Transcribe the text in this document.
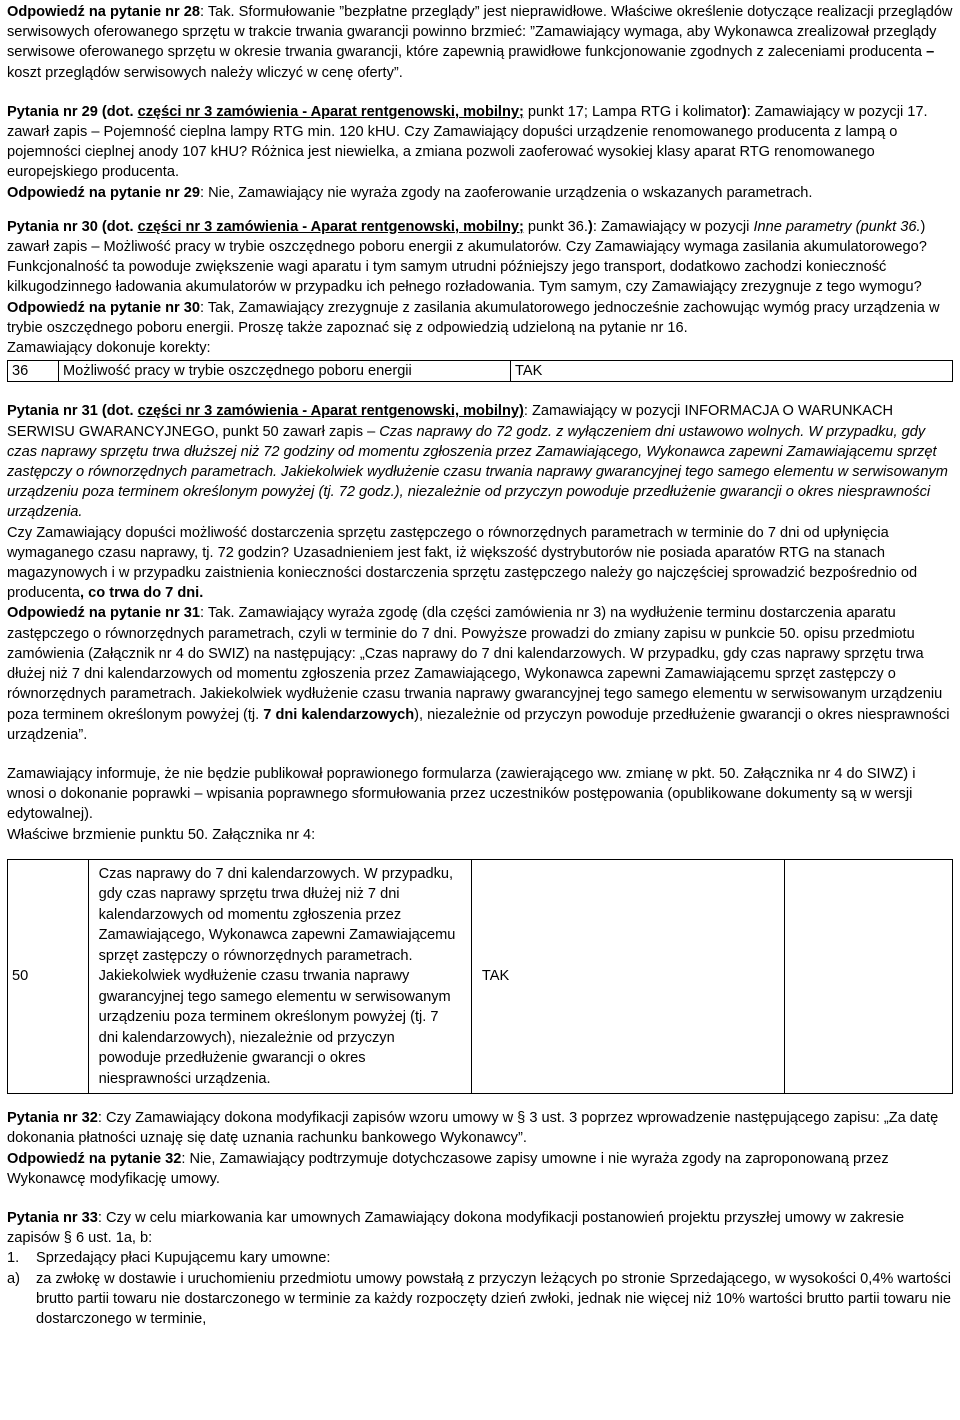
Odpowiedź na pytanie nr 28: Tak. Sformułowanie ”bezpłatne przeglądy” jest nieprawidłowe. Właściwe określenie dotyczące realizacji przeglądów serwisowych oferowanego sprzętu w trakcie trwania gwarancji powinno brzmieć: ”Zamawiający wymaga, aby Wykonawca zrealizował przeglądy serwisowe oferowanego sprzętu w okresie trwania gwarancji, które zapewnią prawidłowe funkcjonowanie zgodnych z zaleceniami producenta – koszt przeglądów serwisowych należy wliczyć w cenę oferty”.

Pytania nr 29 (dot. części nr 3 zamówienia - Aparat rentgenowski, mobilny; punkt 17; Lampa RTG i kolimator): Zamawiający w pozycji 17. zawarł zapis – Pojemność cieplna lampy RTG min. 120 kHU. Czy Zamawiający dopuści urządzenie renomowanego producenta z lampą o pojemności cieplnej anody 107 kHU? Różnica jest niewielka, a zmiana pozwoli zaoferować wysokiej klasy aparat RTG renomowanego europejskiego producenta.

Odpowiedź na pytanie nr 29: Nie, Zamawiający nie wyraża zgody na zaoferowanie urządzenia o wskazanych parametrach.

Pytania nr 30 (dot. części nr 3 zamówienia - Aparat rentgenowski, mobilny; punkt 36.): Zamawiający w pozycji Inne parametry (punkt 36.) zawarł zapis – Możliwość pracy w trybie oszczędnego poboru energii z akumulatorów. Czy Zamawiający wymaga zasilania akumulatorowego? Funkcjonalność ta powoduje zwiększenie wagi aparatu i tym samym utrudni późniejszy jego transport, dodatkowo zachodzi konieczność kilkugodzinnego ładowania akumulatorów w przypadku ich pełnego rozładowania. Tym samym, czy Zamawiający zrezygnuje z tego wymogu?

Odpowiedź na pytanie nr 30: Tak, Zamawiający zrezygnuje z zasilania akumulatorowego jednocześnie zachowując wymóg pracy urządzenia w trybie oszczędnego poboru energii. Proszę także zapoznać się z odpowiedzią udzieloną na pytanie nr 16.

Zamawiający dokonuje korekty:

36	Możliwość pracy w trybie oszczędnego poboru energii	TAK

Pytania nr 31 (dot. części nr 3 zamówienia - Aparat rentgenowski, mobilny): Zamawiający w pozycji INFORMACJA O WARUNKACH SERWISU GWARANCYJNEGO, punkt 50 zawarł zapis – Czas naprawy do 72 godz. z wyłączeniem dni ustawowo wolnych. W przypadku, gdy czas naprawy sprzętu trwa dłuższej niż 72 godziny od momentu zgłoszenia przez Zamawiającego, Wykonawca zapewni Zamawiającemu sprzęt zastępczy o równorzędnych parametrach. Jakiekolwiek wydłużenie czasu trwania naprawy gwarancyjnej tego samego elementu w serwisowanym urządzeniu poza terminem określonym powyżej (tj. 72 godz.), niezależnie od przyczyn powoduje przedłużenie gwarancji o okres niesprawności urządzenia.

Czy Zamawiający dopuści możliwość dostarczenia sprzętu zastępczego o równorzędnych parametrach w terminie do 7 dni od upłynięcia wymaganego czasu naprawy, tj. 72 godzin? Uzasadnieniem jest fakt, iż większość dystrybutorów nie posiada aparatów RTG na stanach magazynowych i w przypadku zaistnienia konieczności dostarczenia sprzętu zastępczego należy go najczęściej sprowadzić bezpośrednio od producenta, co trwa do 7 dni.

Odpowiedź na pytanie nr 31: Tak. Zamawiający wyraża zgodę (dla części zamówienia nr 3) na wydłużenie terminu dostarczenia aparatu zastępczego o równorzędnych parametrach, czyli w terminie do 7 dni. Powyższe prowadzi do zmiany zapisu w punkcie 50. opisu przedmiotu zamówienia (Załącznik nr 4 do SWIZ) na następujący: „Czas naprawy do 7 dni kalendarzowych. W przypadku, gdy czas naprawy sprzętu trwa dłużej niż 7 dni kalendarzowych od momentu zgłoszenia przez Zamawiającego, Wykonawca zapewni Zamawiającemu sprzęt zastępczy o równorzędnych parametrach. Jakiekolwiek wydłużenie czasu trwania naprawy gwarancyjnej tego samego elementu w serwisowanym urządzeniu poza terminem określonym powyżej (tj. 7 dni kalendarzowych), niezależnie od przyczyn powoduje przedłużenie gwarancji o okres niesprawności urządzenia”.

Zamawiający informuje, że nie będzie publikował poprawionego formularza (zawierającego ww. zmianę w pkt. 50. Załącznika nr 4 do SIWZ) i wnosi o dokonanie poprawki – wpisania poprawnego sformułowania przez uczestników postępowania (opublikowane dokumenty są w wersji edytowalnej).

Właściwe brzmienie punktu 50. Załącznika nr 4:

50	Czas naprawy do 7 dni kalendarzowych. W przypadku, gdy czas naprawy sprzętu trwa dłużej niż 7 dni kalendarzowych od momentu zgłoszenia przez Zamawiającego, Wykonawca zapewni Zamawiającemu sprzęt zastępczy o równorzędnych parametrach. Jakiekolwiek wydłużenie czasu trwania naprawy gwarancyjnej tego samego elementu w serwisowanym urządzeniu poza terminem określonym powyżej (tj. 7 dni kalendarzowych), niezależnie od przyczyn powoduje przedłużenie gwarancji o okres niesprawności urządzenia.	TAK	

Pytania nr 32: Czy Zamawiający dokona modyfikacji zapisów wzoru umowy w § 3 ust. 3 poprzez wprowadzenie następującego zapisu: „Za datę dokonania płatności uznaję się datę uznania rachunku bankowego Wykonawcy”.

Odpowiedź na pytanie 32: Nie, Zamawiający podtrzymuje dotychczasowe zapisy umowne i nie wyraża zgody na zaproponowaną przez Wykonawcę modyfikację umowy.

Pytania nr 33: Czy w celu miarkowania kar umownych Zamawiający dokona modyfikacji postanowień projektu przyszłej umowy w zakresie zapisów § 6 ust. 1a, b:

1.	Sprzedający płaci Kupującemu kary umowne:
a)	za zwłokę w dostawie i uruchomieniu przedmiotu umowy powstałą z przyczyn leżących po stronie Sprzedającego, w wysokości 0,4% wartości brutto partii towaru nie dostarczonego w terminie za każdy rozpoczęty dzień zwłoki, jednak nie więcej niż 10% wartości brutto partii towaru nie dostarczonego w terminie,
